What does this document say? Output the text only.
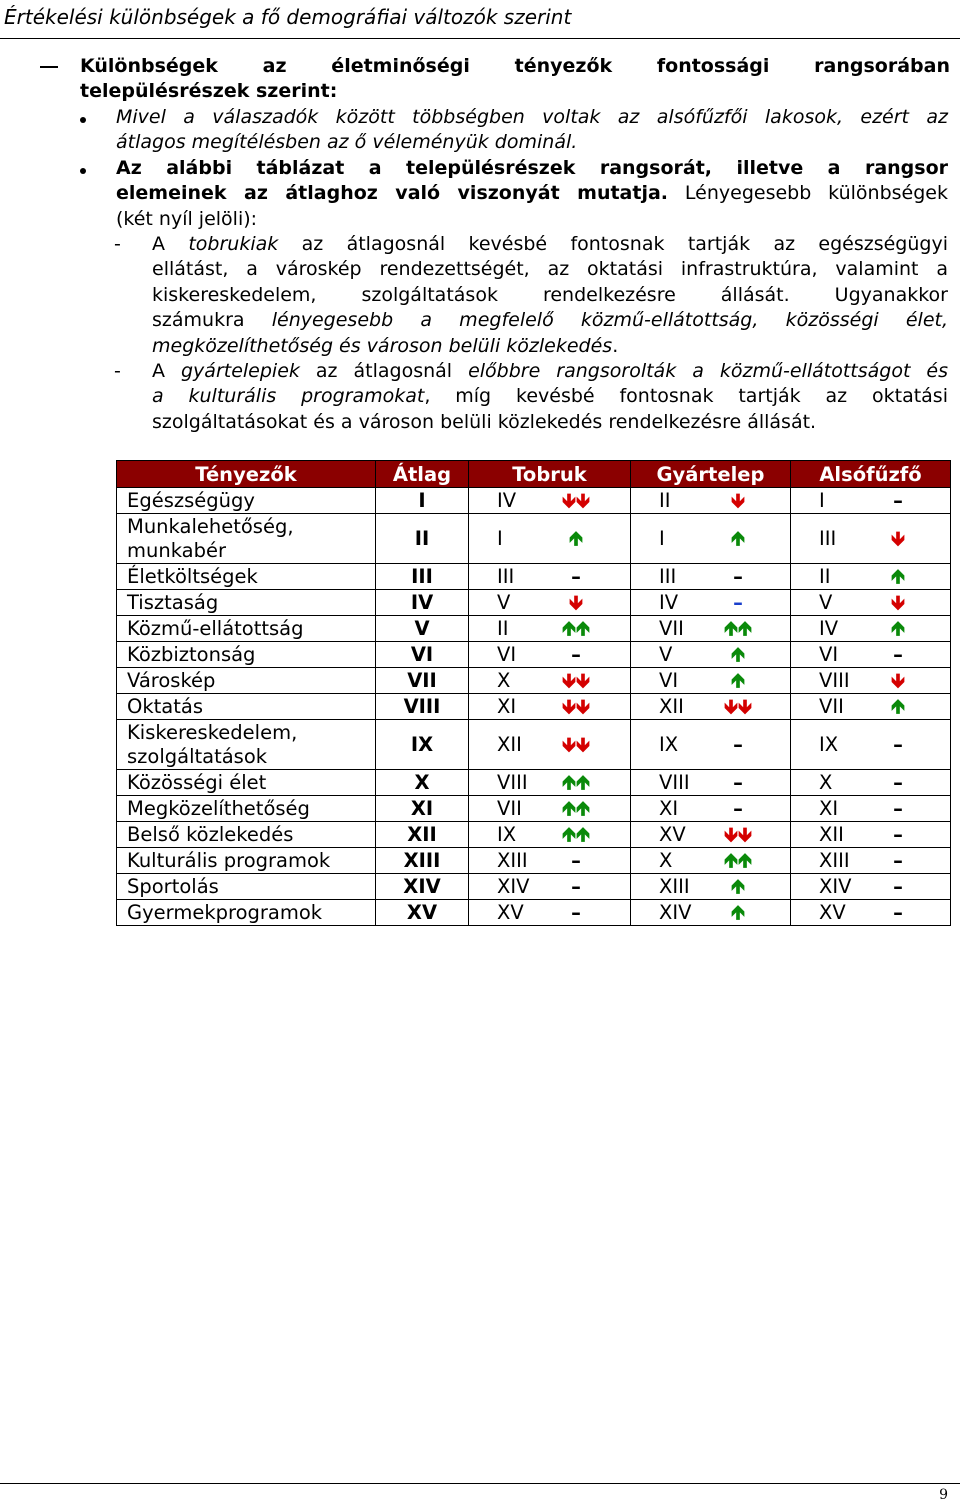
Értékelési különbségek a fő demográfiai változók szerint
Különbségek az életminőségi tényezők fontossági rangsorában
településrészek szerint:
Mivel a válaszadók között többségben voltak az alsófűzfői lakosok, ezért az
átlagos megítélésben az ő véleményük dominál.
Az alábbi táblázat a településrészek rangsorát, illetve a rangsor
elemeinek az átlaghoz való viszonyát mutatja. Lényegesebb különbségek
(két nyíl jelöli):
- A tobrukiak az átlagosnál kevésbé fontosnak tartják az egészségügyi
ellátást, a városkép rendezettségét, az oktatási infrastruktúra, valamint a
kiskereskedelem, szolgáltatások rendelkezésre állását. Ugyanakkor
számukra lényegesebb a megfelelő közmű-ellátottság, közösségi élet,
megközelíthetőség és városon belüli közlekedés.
- A gyártelepiek az átlagosnál előbbre rangsorolták a közmű-ellátottságot és
a kulturális programokat, míg kevésbé fontosnak tartják az oktatási
szolgáltatásokat és a városon belüli közlekedés rendelkezésre állását.
Tényezők	Átlag	Tobruk	Gyártelep	Alsófűzfő
Egészségügy	I	IV 🡻🡻	II 🡻	I –
Munkalehetőség, munkabér	II	I 🡹	I 🡹	III 🡻
Életköltségek	III	III –	III –	II 🡹
Tisztaság	IV	V 🡻	IV –	V 🡻
Közmű-ellátottság	V	II 🡹🡹	VII 🡹🡹	IV 🡹
Közbiztonság	VI	VI –	V 🡹	VI –
Városkép	VII	X 🡻🡻	VI 🡹	VIII 🡻
Oktatás	VIII	XI 🡻🡻	XII 🡻🡻	VII 🡹
Kiskereskedelem, szolgáltatások	IX	XII 🡻🡻	IX –	IX –
Közösségi élet	X	VIII 🡹🡹	VIII –	X –
Megközelíthetőség	XI	VII 🡹🡹	XI –	XI –
Belső közlekedés	XII	IX 🡹🡹	XV 🡻🡻	XII –
Kulturális programok	XIII	XIII –	X 🡹🡹	XIII –
Sportolás	XIV	XIV –	XIII 🡹	XIV –
Gyermekprogramok	XV	XV –	XIV 🡹	XV –
9
